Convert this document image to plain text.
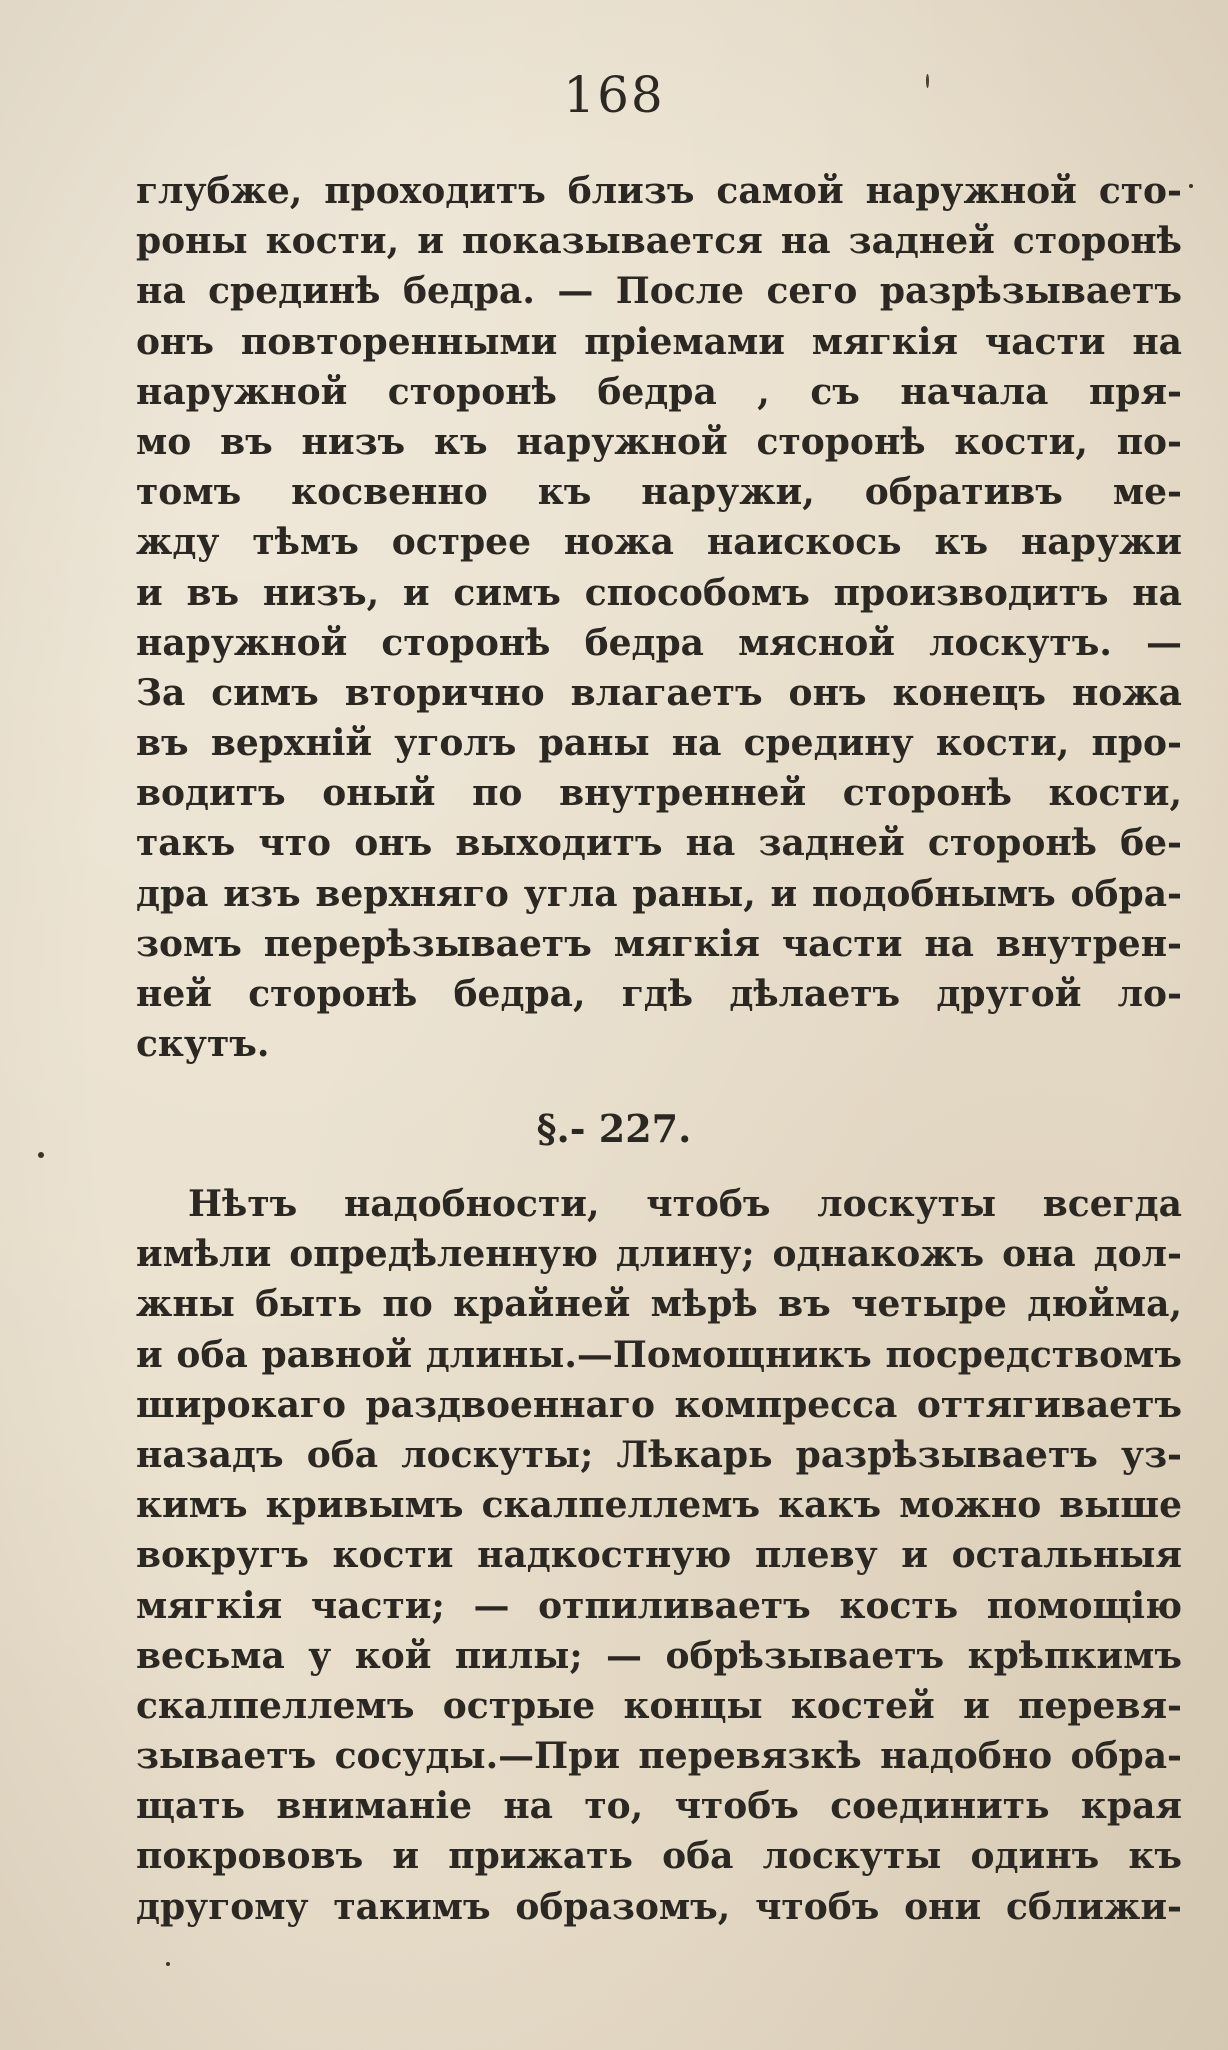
168
глубже, проходитъ близъ самой наружной сто-
роны кости, и показывается на задней сторонѣ
на срединѣ бедра. — После сего разрѣзываетъ
онъ повторенными пріемами мягкія части на
наружной сторонѣ бедра , съ начала пря-
мо въ низъ къ наружной сторонѣ кости, по-
томъ косвенно къ наружи, обративъ ме-
жду тѣмъ острее ножа наискось къ наружи
и въ низъ, и симъ способомъ производитъ на
наружной сторонѣ бедра мясной лоскутъ. —
За симъ вторично влагаетъ онъ конецъ ножа
въ верхній уголъ раны на средину кости, про-
водитъ оный по внутренней сторонѣ кости,
такъ что онъ выходитъ на задней сторонѣ бе-
дра изъ верхняго угла раны, и подобнымъ обра-
зомъ перерѣзываетъ мягкія части на внутрен-
ней сторонѣ бедра, гдѣ дѣлаетъ другой ло-
скутъ.
§.- 227.
Нѣтъ надобности, чтобъ лоскуты всегда
имѣли опредѣленную длину; однакожъ она дол-
жны быть по крайней мѣрѣ въ четыре дюйма,
и оба равной длины.—Помощникъ посредствомъ
широкаго раздвоеннаго компресса оттягиваетъ
назадъ оба лоскуты; Лѣкарь разрѣзываетъ уз-
кимъ кривымъ скалпеллемъ какъ можно выше
вокругъ кости надкостную плеву и остальныя
мягкія части; — отпиливаетъ кость помощію
весьма у кой пилы; — обрѣзываетъ крѣпкимъ
скалпеллемъ острые концы костей и перевя-
зываетъ сосуды.—При перевязкѣ надобно обра-
щать вниманіе на то, чтобъ соединить края
покрововъ и прижать оба лоскуты одинъ къ
другому такимъ образомъ, чтобъ они сближи-
